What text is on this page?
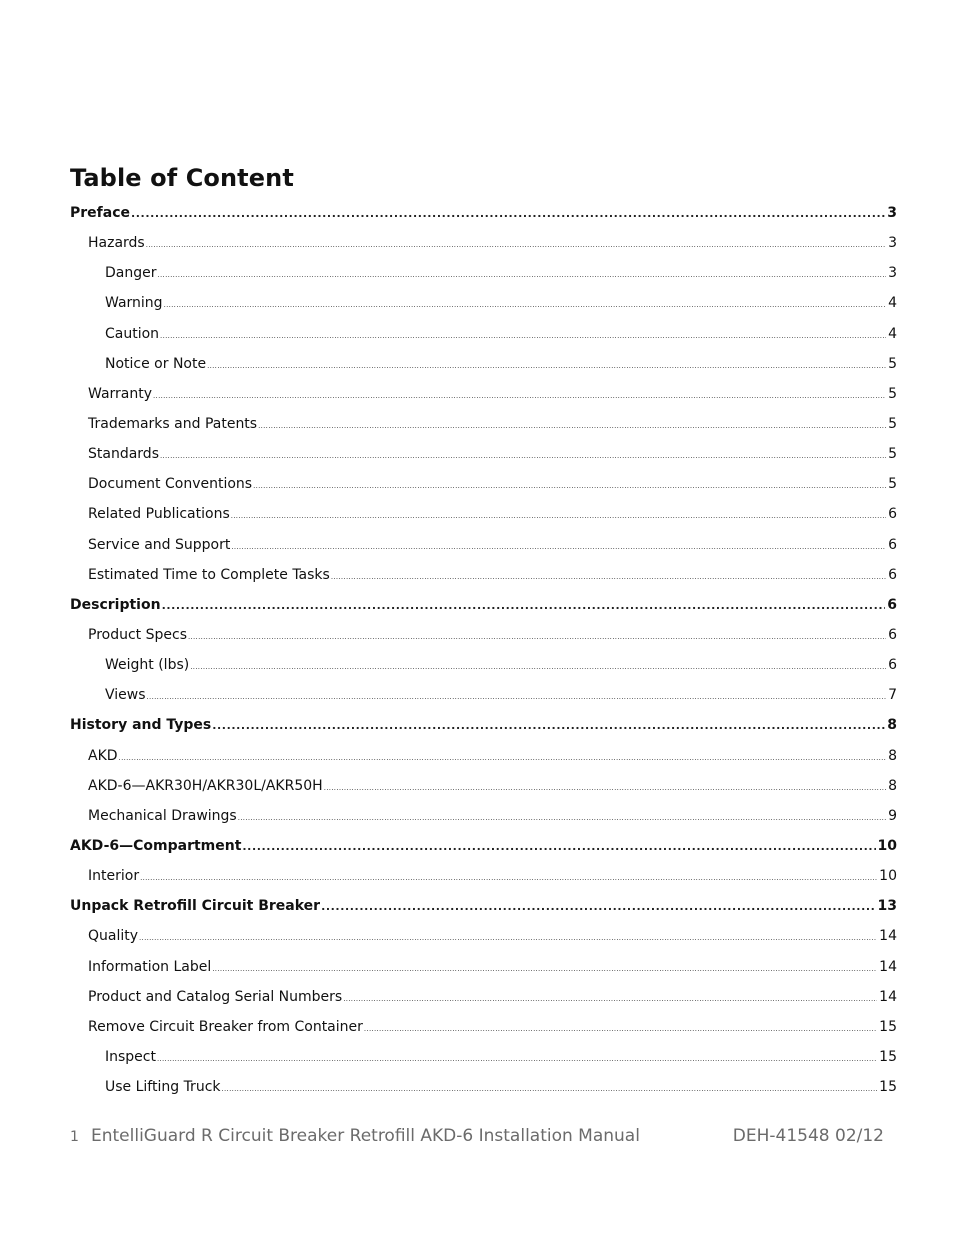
Table of Content
Preface .....	3
Hazards .....	3
Danger .....	3
Warning .....	4
Caution .....	4
Notice or Note .....	5
Warranty .....	5
Trademarks and Patents .....	5
Standards .....	5
Document Conventions .....	5
Related Publications .....	6
Service and Support .....	6
Estimated Time to Complete Tasks .....	6
Description .....	6
Product Specs .....	6
Weight (lbs) .....	6
Views .....	7
History and Types .....	8
AKD .....	8
AKD-6—AKR30H/AKR30L/AKR50H .....	8
Mechanical Drawings .....	9
AKD-6—Compartment .....	10
Interior .....	10
Unpack Retrofill Circuit Breaker .....	13
Quality .....	14
Information Label .....	14
Product and Catalog Serial Numbers .....	14
Remove Circuit Breaker from Container .....	15
Inspect .....	15
Use Lifting Truck .....	15
1 EntelliGuard R Circuit Breaker Retrofill AKD-6 Installation Manual	DEH-41548 02/12
